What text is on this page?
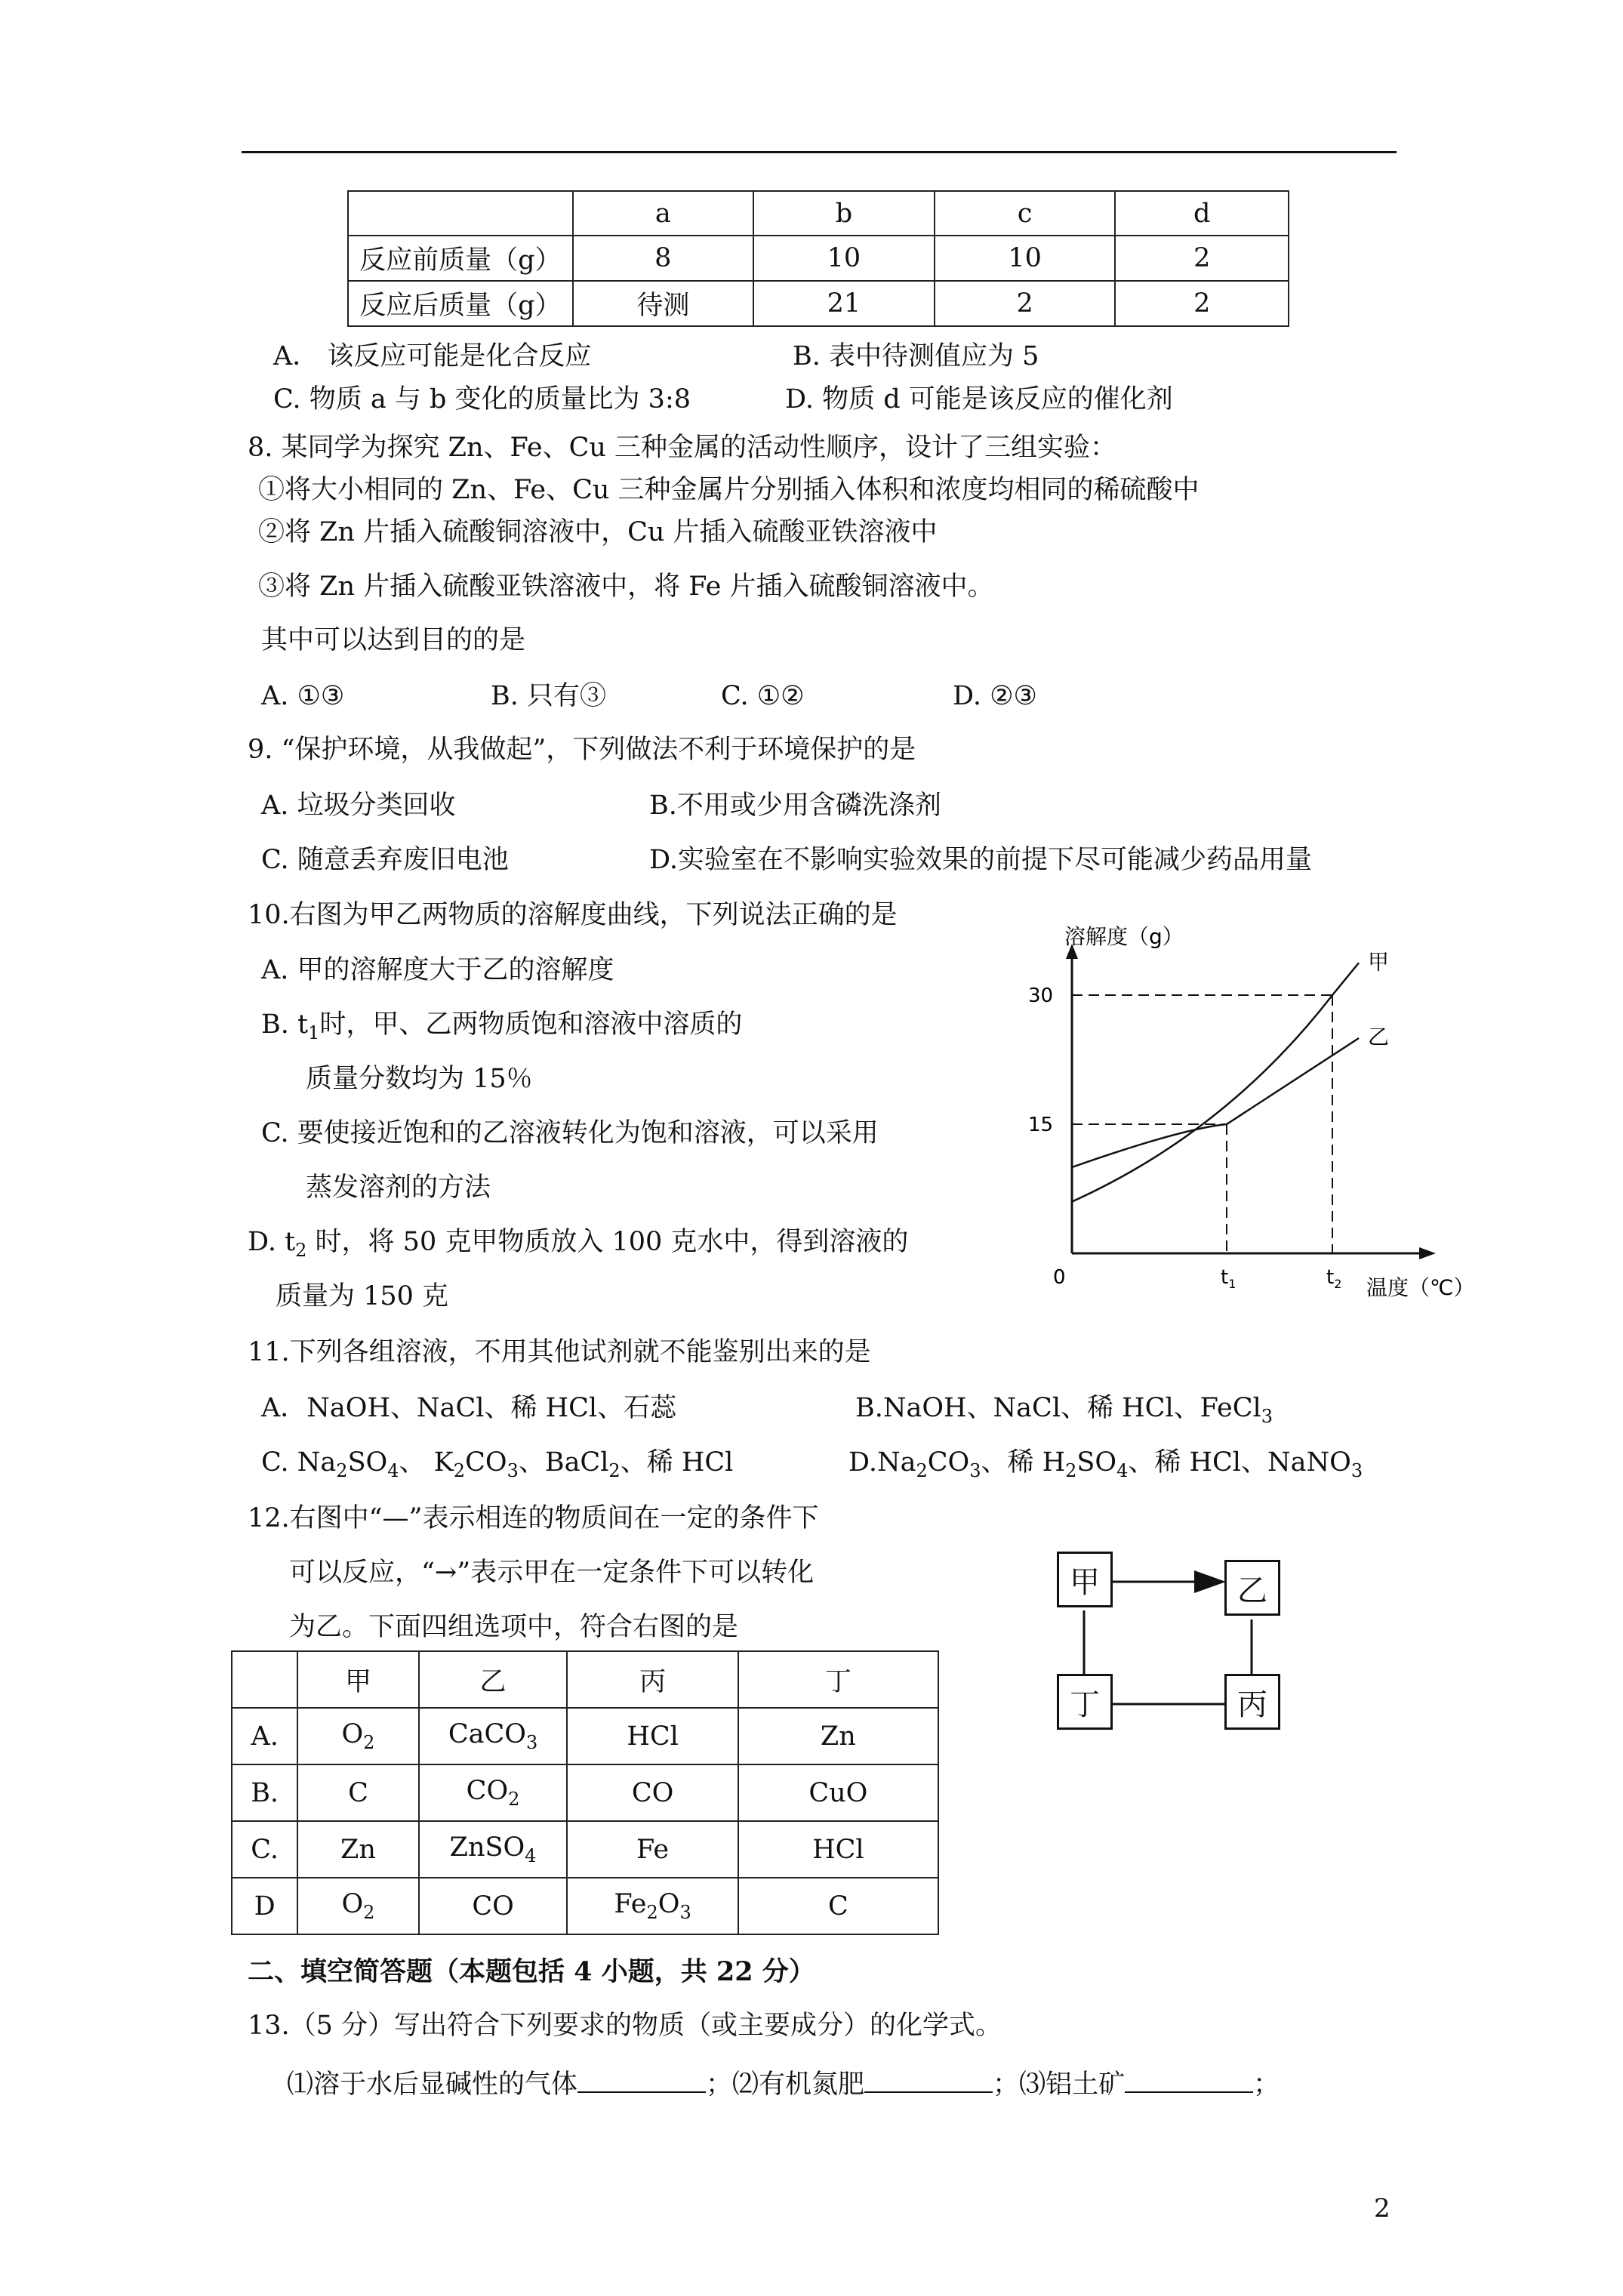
	a	b	c	d
反应前质量（g）	8	10	10	2
反应后质量（g）	待测	21	2	2
A． 该反应可能是化合反应	B. 表中待测值应为 5
C. 物质 a 与 b 变化的质量比为 3:8	D. 物质 d 可能是该反应的催化剂
8. 某同学为探究 Zn、Fe、Cu 三种金属的活动性顺序，设计了三组实验：
①将大小相同的 Zn、Fe、Cu 三种金属片分别插入体积和浓度均相同的稀硫酸中
②将 Zn 片插入硫酸铜溶液中，Cu 片插入硫酸亚铁溶液中
③将 Zn 片插入硫酸亚铁溶液中，将 Fe 片插入硫酸铜溶液中。
其中可以达到目的的是
A. ①③	B. 只有③	C. ①②	D. ②③
9. “保护环境，从我做起”，下列做法不利于环境保护的是
A. 垃圾分类回收	B.不用或少用含磷洗涤剂
C. 随意丢弃废旧电池	D.实验室在不影响实验效果的前提下尽可能减少药品用量
10.右图为甲乙两物质的溶解度曲线，下列说法正确的是
A. 甲的溶解度大于乙的溶解度
B. $t_1$时，甲、乙两物质饱和溶液中溶质的
质量分数均为 15％
C. 要使接近饱和的乙溶液转化为饱和溶液，可以采用
蒸发溶剂的方法
D. $t_2$ 时，将 50 克甲物质放入 100 克水中，得到溶液的
质量为 150 克
溶解度（g）
温度（℃）
0
15
30
$t_1$	$t_2$
甲
乙
11.下列各组溶液，不用其他试剂就不能鉴别出来的是
A．NaOH、NaCl、稀 HCl、石蕊	B.NaOH、NaCl、稀 HCl、FeCl$_3$
C. $Na_2SO_4$、 $K_2CO_3$、BaCl$_2$、稀 HCl	$D.Na_2CO_3$、稀 $H_2SO_4$、稀 HCl、NaNO$_3$
12.右图中“—”表示相连的物质间在一定的条件下
可以反应，“→”表示甲在一定条件下可以转化
为乙。下面四组选项中，符合右图的是
	甲	乙	丙	丁
A.	$O_2$	CaCO$_3$	HCl	Zn
B.	C	$CO_2$	CO	CuO
C.	Zn	ZnSO$_4$	Fe	HCl
D	$O_2$	CO	$Fe_2O_3$	C
甲	乙
丁	丙
二、填空简答题（本题包括 4 小题，共 22 分）
13.（5 分）写出符合下列要求的物质（或主要成分）的化学式。
⑴溶于水后显碱性的气体	；⑵有机氮肥	；⑶铝土矿	；
2
